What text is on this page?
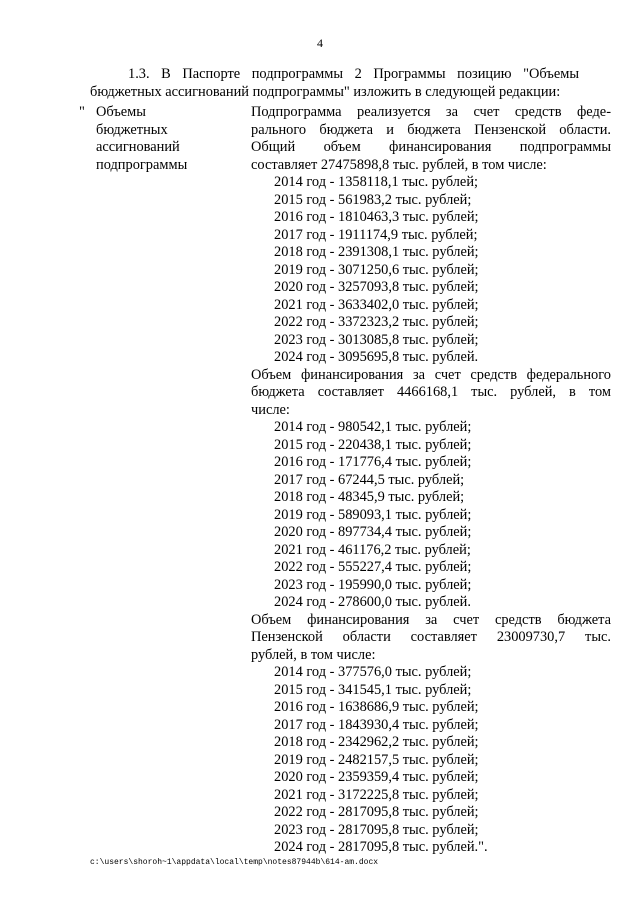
4
1.3. В Паспорте подпрограммы 2 Программы позицию "Объемы
бюджетных ассигнований подпрограммы" изложить в следующей редакции:
" Объемы
бюджетных
ассигнований
подпрограммы
Подпрограмма реализуется за счет средств феде-
рального бюджета и бюджета Пензенской области.
Общий объем финансирования подпрограммы
составляет 27475898,8 тыс. рублей, в том числе:
2014 год - 1358118,1 тыс. рублей;
2015 год - 561983,2 тыс. рублей;
2016 год - 1810463,3 тыс. рублей;
2017 год - 1911174,9 тыс. рублей;
2018 год - 2391308,1 тыс. рублей;
2019 год - 3071250,6 тыс. рублей;
2020 год - 3257093,8 тыс. рублей;
2021 год - 3633402,0 тыс. рублей;
2022 год - 3372323,2 тыс. рублей;
2023 год - 3013085,8 тыс. рублей;
2024 год - 3095695,8 тыс. рублей.
Объем финансирования за счет средств федерального
бюджета составляет 4466168,1 тыс. рублей, в том
числе:
2014 год - 980542,1 тыс. рублей;
2015 год - 220438,1 тыс. рублей;
2016 год - 171776,4 тыс. рублей;
2017 год - 67244,5 тыс. рублей;
2018 год - 48345,9 тыс. рублей;
2019 год - 589093,1 тыс. рублей;
2020 год - 897734,4 тыс. рублей;
2021 год - 461176,2 тыс. рублей;
2022 год - 555227,4 тыс. рублей;
2023 год - 195990,0 тыс. рублей;
2024 год - 278600,0 тыс. рублей.
Объем финансирования за счет средств бюджета
Пензенской области составляет 23009730,7 тыс.
рублей, в том числе:
2014 год - 377576,0 тыс. рублей;
2015 год - 341545,1 тыс. рублей;
2016 год - 1638686,9 тыс. рублей;
2017 год - 1843930,4 тыс. рублей;
2018 год - 2342962,2 тыс. рублей;
2019 год - 2482157,5 тыс. рублей;
2020 год - 2359359,4 тыс. рублей;
2021 год - 3172225,8 тыс. рублей;
2022 год - 2817095,8 тыс. рублей;
2023 год - 2817095,8 тыс. рублей;
2024 год - 2817095,8 тыс. рублей.".
c:\users\shoroh~1\appdata\local\temp\notes87944b\614-am.docx
